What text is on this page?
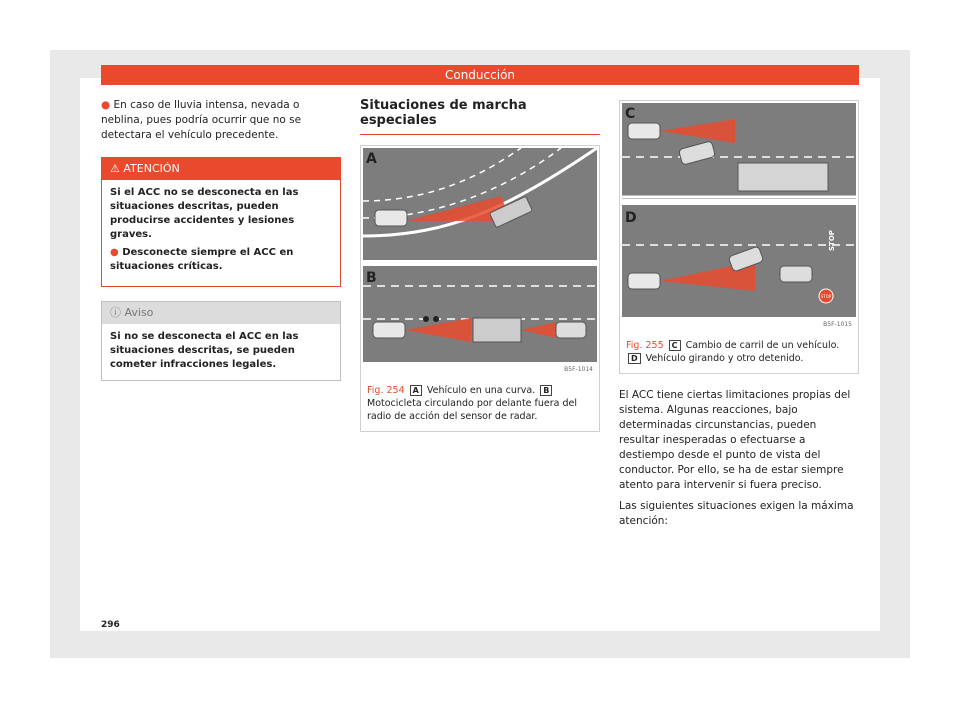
Conducción

● En caso de lluvia intensa, nevada o neblina, pues podría ocurrir que no se detectara el vehículo precedente.

⚠ ATENCIÓN

Si el ACC no se desconecta en las situaciones descritas, pueden producirse accidentes y lesiones graves.

● Desconecte siempre el ACC en situaciones críticas.

ⓘ Aviso
Si no se desconecta el ACC en las situaciones descritas, se pueden cometer infracciones legales.
Situaciones de marcha especiales
A
B
B5F-1014
Fig. 254 A Vehículo en una curva. B Motocicleta circulando por delante fuera del radio de acción del sensor de radar.
C
D
STOP
STOP
B5F-1015
Fig. 255 C Cambio de carril de un vehículo. D Vehículo girando y otro detenido.

El ACC tiene ciertas limitaciones propias del sistema. Algunas reacciones, bajo determinadas circunstancias, pueden resultar inesperadas o efectuarse a destiempo desde el punto de vista del conductor. Por ello, se ha de estar siempre atento para intervenir si fuera preciso.

Las siguientes situaciones exigen la máxima atención:

296
